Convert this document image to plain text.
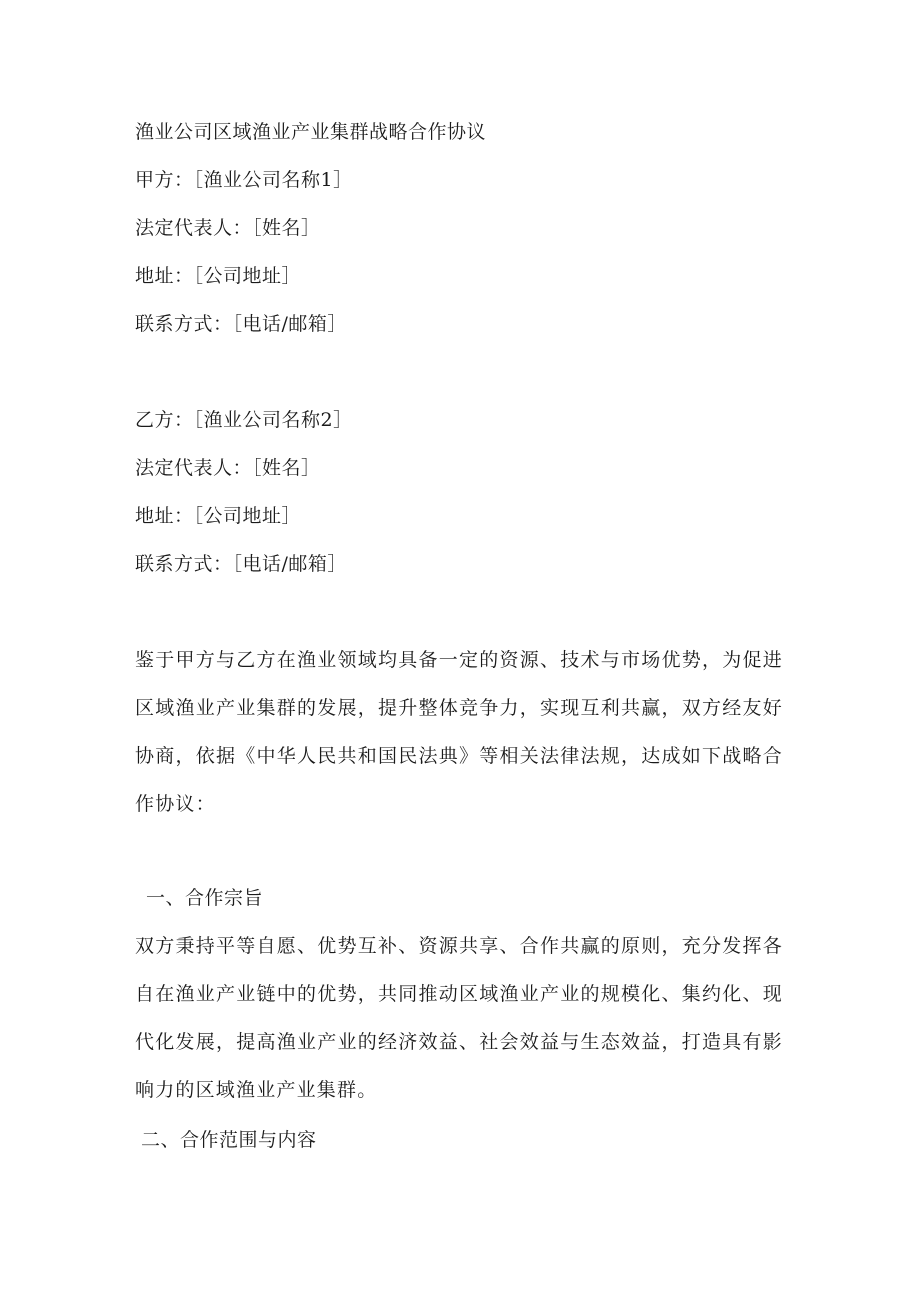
渔业公司区域渔业产业集群战略合作协议
甲方：［渔业公司名称1］
法定代表人：［姓名］
地址：［公司地址］
联系方式：［电话/邮箱］
乙方：［渔业公司名称2］
法定代表人：［姓名］
地址：［公司地址］
联系方式：［电话/邮箱］
鉴于甲方与乙方在渔业领域均具备一定的资源、技术与市场优势，为促进区域渔业产业集群的发展，提升整体竞争力，实现互利共赢，双方经友好协商，依据《中华人民共和国民法典》等相关法律法规，达成如下战略合作协议：
一、合作宗旨
双方秉持平等自愿、优势互补、资源共享、合作共赢的原则，充分发挥各自在渔业产业链中的优势，共同推动区域渔业产业的规模化、集约化、现代化发展，提高渔业产业的经济效益、社会效益与生态效益，打造具有影响力的区域渔业产业集群。
二、合作范围与内容
